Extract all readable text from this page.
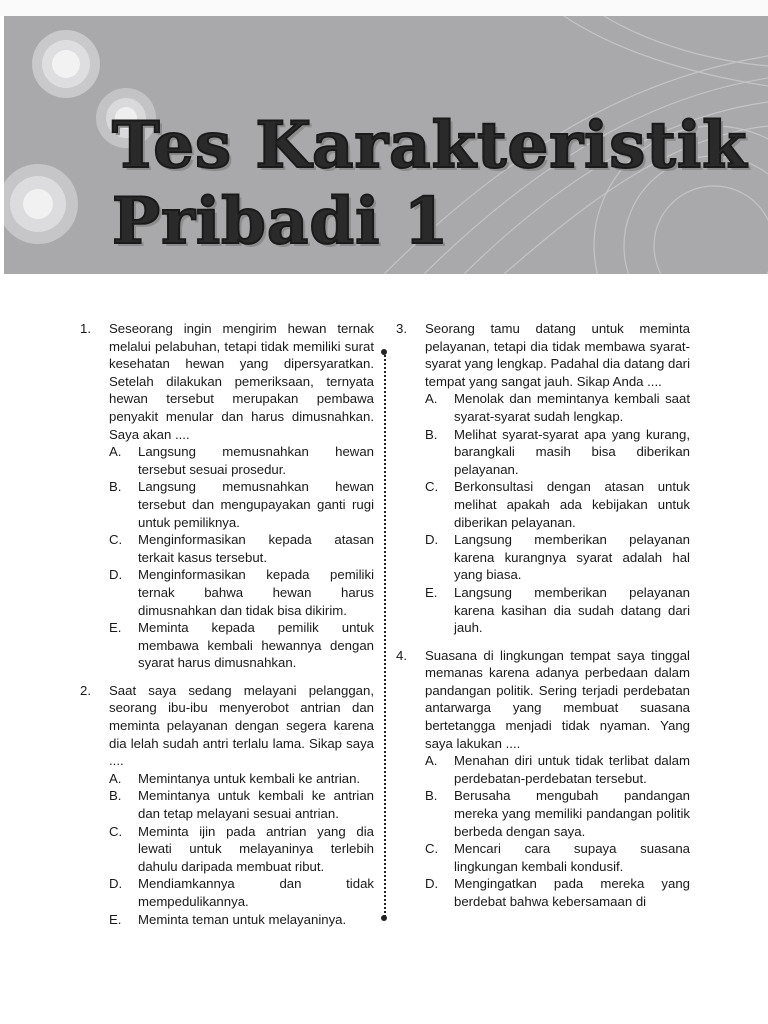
Tes Karakteristik
Pribadi 1
1. Seseorang ingin mengirim hewan ternak melalui pelabuhan, tetapi tidak memiliki surat kesehatan hewan yang dipersyaratkan. Setelah dilakukan pemeriksaan, ternyata hewan tersebut merupakan pembawa penyakit menular dan harus dimusnahkan. Saya akan ....
A. Langsung memusnahkan hewan tersebut sesuai prosedur.
B. Langsung memusnahkan hewan tersebut dan mengupayakan ganti rugi untuk pemiliknya.
C. Menginformasikan kepada atasan terkait kasus tersebut.
D. Menginformasikan kepada pemiliki ternak bahwa hewan harus dimusnahkan dan tidak bisa dikirim.
E. Meminta kepada pemilik untuk membawa kembali hewannya dengan syarat harus dimusnahkan.
2. Saat saya sedang melayani pelanggan, seorang ibu-ibu menyerobot antrian dan meminta pelayanan dengan segera karena dia lelah sudah antri terlalu lama. Sikap saya ....
A. Memintanya untuk kembali ke antrian.
B. Memintanya untuk kembali ke antrian dan tetap melayani sesuai antrian.
C. Meminta ijin pada antrian yang dia lewati untuk melayaninya terlebih dahulu daripada membuat ribut.
D. Mendiamkannya dan tidak mempedulikannya.
E. Meminta teman untuk melayaninya.
3. Seorang tamu datang untuk meminta pelayanan, tetapi dia tidak membawa syarat-syarat yang lengkap. Padahal dia datang dari tempat yang sangat jauh. Sikap Anda ....
A. Menolak dan memintanya kembali saat syarat-syarat sudah lengkap.
B. Melihat syarat-syarat apa yang kurang, barangkali masih bisa diberikan pelayanan.
C. Berkonsultasi dengan atasan untuk melihat apakah ada kebijakan untuk diberikan pelayanan.
D. Langsung memberikan pelayanan karena kurangnya syarat adalah hal yang biasa.
E. Langsung memberikan pelayanan karena kasihan dia sudah datang dari jauh.
4. Suasana di lingkungan tempat saya tinggal memanas karena adanya perbedaan dalam pandangan politik. Sering terjadi perdebatan antarwarga yang membuat suasana bertetangga menjadi tidak nyaman. Yang saya lakukan ....
A. Menahan diri untuk tidak terlibat dalam perdebatan-perdebatan tersebut.
B. Berusaha mengubah pandangan mereka yang memiliki pandangan politik berbeda dengan saya.
C. Mencari cara supaya suasana lingkungan kembali kondusif.
D. Mengingatkan pada mereka yang berdebat bahwa kebersamaan di
